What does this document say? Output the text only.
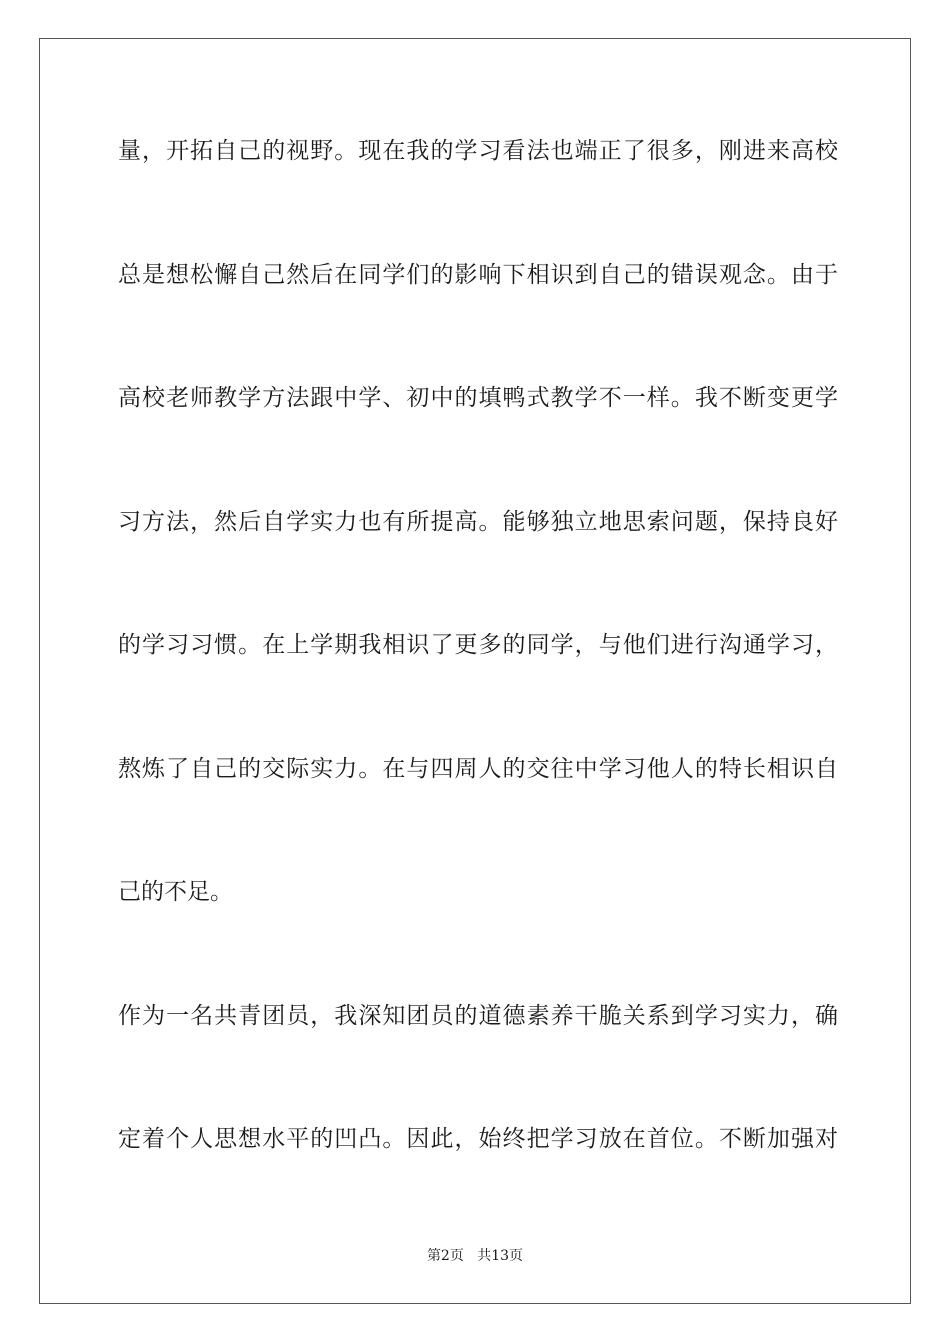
量，开拓自己的视野。现在我的学习看法也端正了很多，刚进来高校
总是想松懈自己然后在同学们的影响下相识到自己的错误观念。由于
高校老师教学方法跟中学、初中的填鸭式教学不一样。我不断变更学
习方法，然后自学实力也有所提高。能够独立地思索问题，保持良好
的学习习惯。在上学期我相识了更多的同学，与他们进行沟通学习，
熬炼了自己的交际实力。在与四周人的交往中学习他人的特长相识自
己的不足。
作为一名共青团员，我深知团员的道德素养干脆关系到学习实力，确
定着个人思想水平的凹凸。因此，始终把学习放在首位。不断加强对
第2页 共13页
